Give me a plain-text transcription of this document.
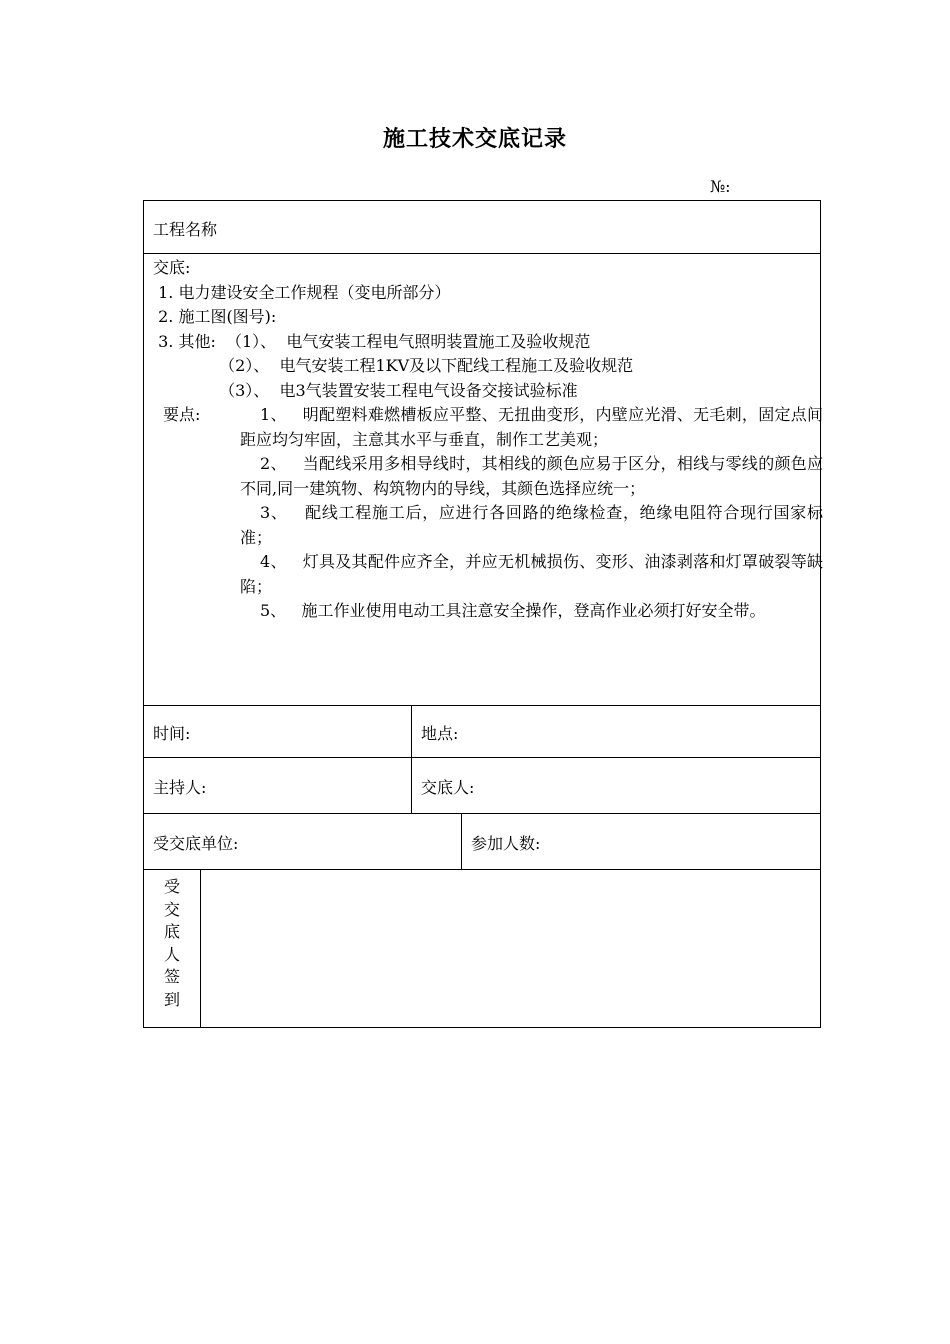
施工技术交底记录
№:
工程名称
交底:
1. 电力建设安全工作规程（变电所部分）
2. 施工图(图号):
3. 其他:  （1）、  电气安装工程电气照明装置施工及验收规范
（2）、  电气安装工程1KV及以下配线工程施工及验收规范
（3）、  电3气装置安装工程电气设备交接试验标准
要点:	1、   明配塑料难燃槽板应平整、无扭曲变形，内壁应光滑、无毛刺，固定点间距应均匀牢固，主意其水平与垂直，制作工艺美观；
2、   当配线采用多相导线时，其相线的颜色应易于区分，相线与零线的颜色应不同,同一建筑物、构筑物内的导线，其颜色选择应统一；
3、   配线工程施工后，应进行各回路的绝缘检查，绝缘电阻符合现行国家标准；
4、   灯具及其配件应齐全，并应无机械损伤、变形、油漆剥落和灯罩破裂等缺陷；
5、   施工作业使用电动工具注意安全操作，登高作业必须打好安全带。
时间:	地点:
主持人:	交底人:
受交底单位:	参加人数:
受
交
底
人
签
到
